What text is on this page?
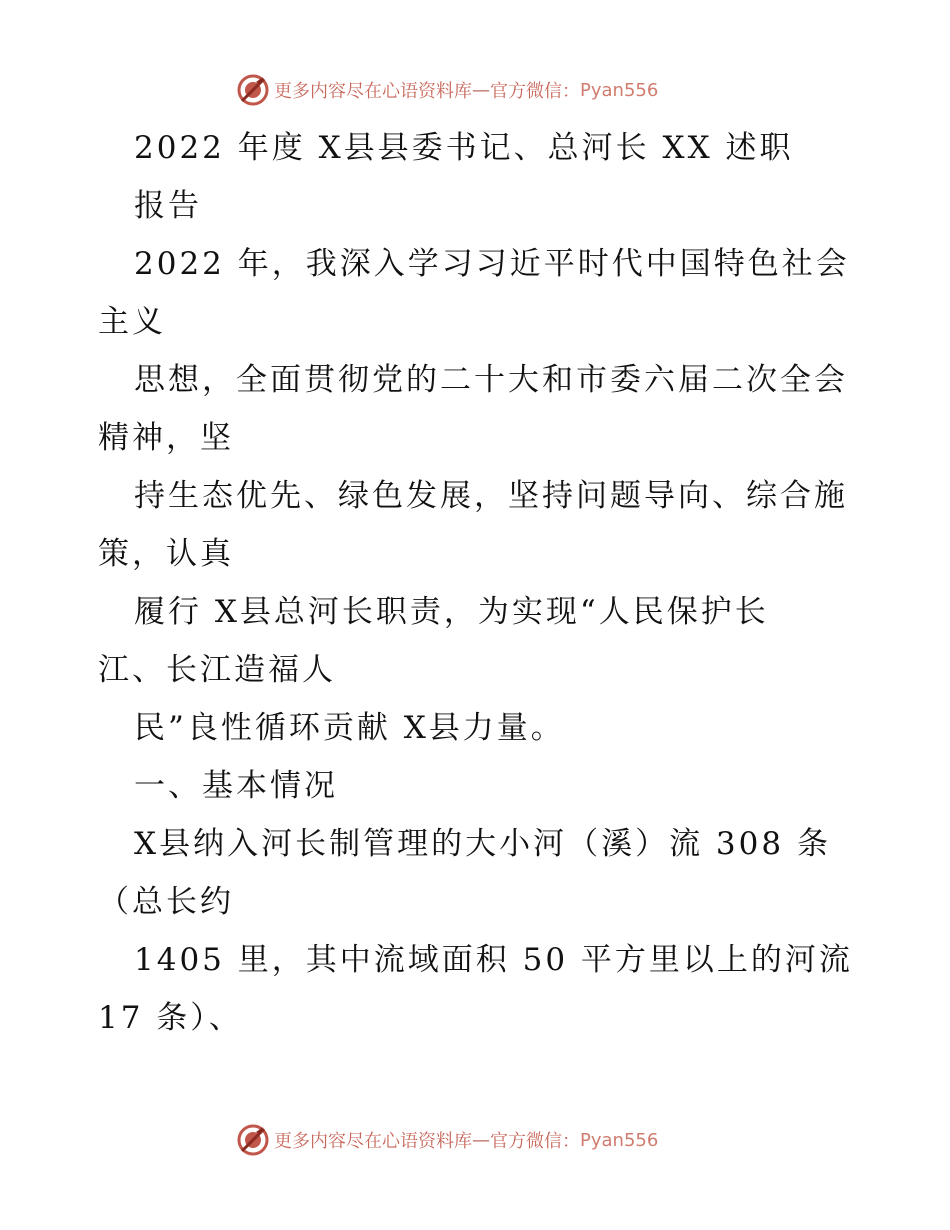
更多内容尽在心语资料库 — 官方微信： Pyan556
2022 年度 X县县委书记、总河长 XX 述职
报告
2022 年，我深入学习习近平时代中国特色社会
主义
思想，全面贯彻党的二十大和市委六届二次全会
精神，坚
持生态优先、绿色发展，坚持问题导向、综合施
策，认真
履行 X县总河长职责，为实现“人民保护长
江、长江造福人
民”良性循环贡献 X县力量。
一、基本情况
X县纳入河长制管理的大小河（溪）流 308 条
（总长约
1405 里，其中流域面积 50 平方里以上的河流
17 条）、
更多内容尽在心语资料库 — 官方微信： Pyan556
